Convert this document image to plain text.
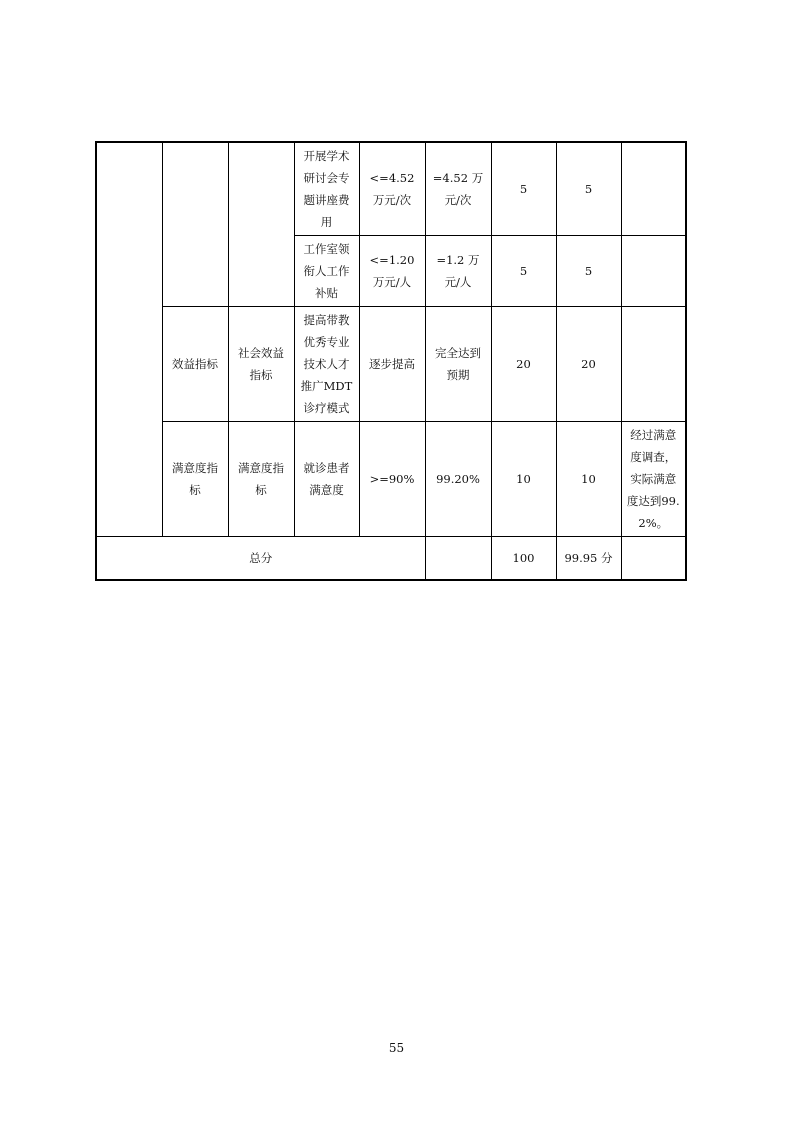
			开展学术研讨会专题讲座费用	<=4.52 万元/次	=4.52 万元/次	5	5	
			工作室领衔人工作补贴	<=1.20 万元/人	=1.2 万元/人	5	5	
	效益指标	社会效益指标	提高带教优秀专业技术人才推广MDT诊疗模式	逐步提高	完全达到预期	20	20	
	满意度指标	满意度指标	就诊患者满意度	>=90%	99.20%	10	10	经过满意度调查，实际满意度达到99.2%。
总分						100	99.95 分	
55
